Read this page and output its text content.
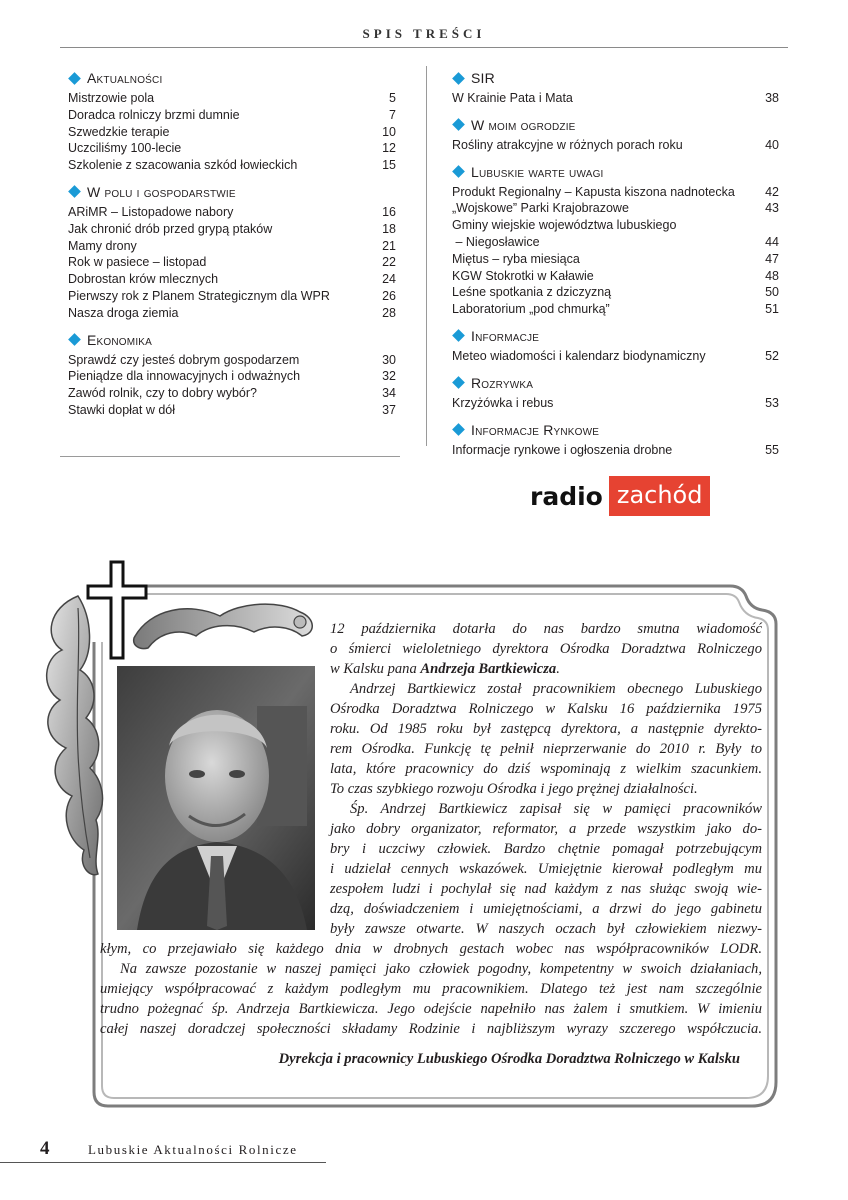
SPIS TREŚCI
Aktualności
Mistrzowie pola	5
Doradca rolniczy brzmi dumnie	7
Szwedzkie terapie	10
Uczciliśmy 100-lecie	12
Szkolenie z szacowania szkód łowieckich	15
W polu i gospodarstwie
ARiMR – Listopadowe nabory	16
Jak chronić drób przed grypą ptaków	18
Mamy drony	21
Rok w pasiece – listopad	22
Dobrostan krów mlecznych	24
Pierwszy rok z Planem Strategicznym dla WPR	26
Nasza droga ziemia	28
Ekonomika
Sprawdź czy jesteś dobrym gospodarzem	30
Pieniądze dla innowacyjnych i odważnych	32
Zawód rolnik, czy to dobry wybór?	34
Stawki dopłat w dół	37
SIR
W Krainie Pata i Mata	38
W moim ogrodzie
Rośliny atrakcyjne w różnych porach roku	40
Lubuskie warte uwagi
Produkt Regionalny – Kapusta kiszona nadnotecka	42
„Wojskowe” Parki Krajobrazowe	43
Gminy wiejskie województwa lubuskiego
– Niegosławice	44
Miętus – ryba miesiąca	47
KGW Stokrotki w Kaławie	48
Leśne spotkania z dziczyzną	50
Laboratorium „pod chmurką”	51
Informacje
Meteo wiadomości i kalendarz biodynamiczny	52
Rozrywka
Krzyżówka i rebus	53
Informacje Rynkowe
Informacje rynkowe i ogłoszenia drobne	55
radio zachód
12 października dotarła do nas bardzo smutna wiadomość
o śmierci wieloletniego dyrektora Ośrodka Doradztwa Rolniczego
w Kalsku pana Andrzeja Bartkiewicza.
Andrzej Bartkiewicz został pracownikiem obecnego Lubuskiego
Ośrodka Doradztwa Rolniczego w Kalsku 16 października 1975
roku. Od 1985 roku był zastępcą dyrektora, a następnie dyrekto-
rem Ośrodka. Funkcję tę pełnił nieprzerwanie do 2010 r. Były to
lata, które pracownicy do dziś wspominają z wielkim szacunkiem.
To czas szybkiego rozwoju Ośrodka i jego prężnej działalności.
Śp. Andrzej Bartkiewicz zapisał się w pamięci pracowników
jako dobry organizator, reformator, a przede wszystkim jako do-
bry i uczciwy człowiek. Bardzo chętnie pomagał potrzebującym
i udzielał cennych wskazówek. Umiejętnie kierował podległym mu
zespołem ludzi i pochylał się nad każdym z nas służąc swoją wie-
dzą, doświadczeniem i umiejętnościami, a drzwi do jego gabinetu
były zawsze otwarte. W naszych oczach był człowiekiem niezwy-
kłym, co przejawiało się każdego dnia w drobnych gestach wobec nas współpracowników LODR.
Na zawsze pozostanie w naszej pamięci jako człowiek pogodny, kompetentny w swoich działaniach,
umiejący współpracować z każdym podległym mu pracownikiem. Dlatego też jest nam szczególnie
trudno pożegnać śp. Andrzeja Bartkiewicza. Jego odejście napełniło nas żalem i smutkiem. W imieniu
całej naszej doradczej społeczności składamy Rodzinie i najbliższym wyrazy szczerego współczucia.
Dyrekcja i pracownicy Lubuskiego Ośrodka Doradztwa Rolniczego w Kalsku
4	Lubuskie Aktualności Rolnicze
